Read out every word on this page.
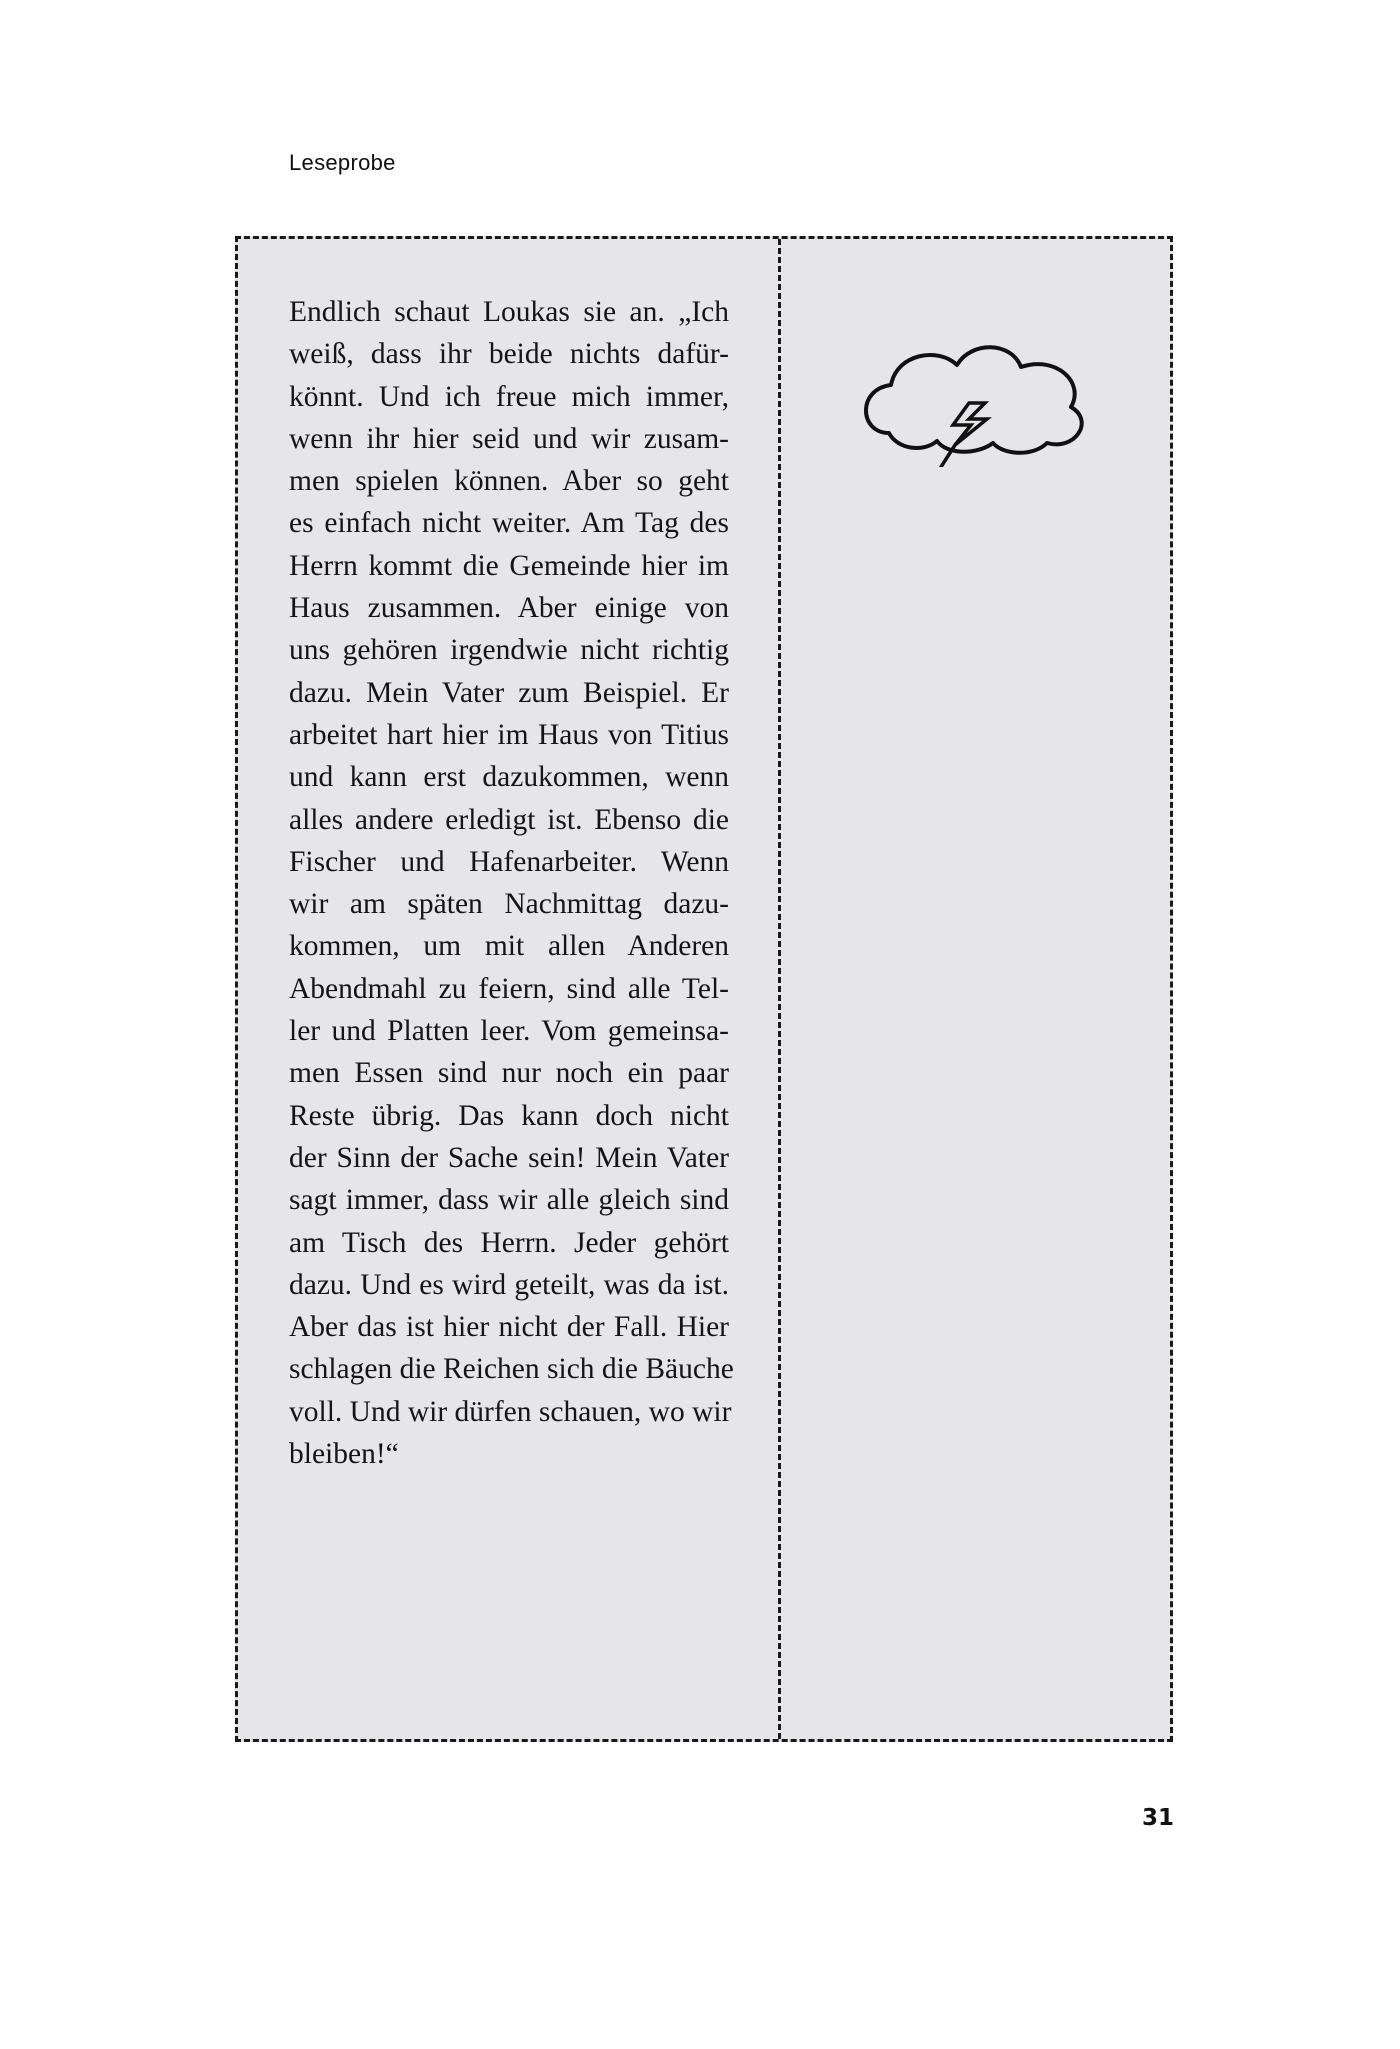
Leseprobe
Endlich schaut Loukas sie an. „Ich
weiß, dass ihr beide nichts dafür-
könnt. Und ich freue mich immer,
wenn ihr hier seid und wir zusam-
men spielen können. Aber so geht
es einfach nicht weiter. Am Tag des
Herrn kommt die Gemeinde hier im
Haus zusammen. Aber einige von
uns gehören irgendwie nicht richtig
dazu. Mein Vater zum Beispiel. Er
arbeitet hart hier im Haus von Titius
und kann erst dazukommen, wenn
alles andere erledigt ist. Ebenso die
Fischer und Hafenarbeiter. Wenn
wir am späten Nachmittag dazu-
kommen, um mit allen Anderen
Abendmahl zu feiern, sind alle Tel-
ler und Platten leer. Vom gemeinsa-
men Essen sind nur noch ein paar
Reste übrig. Das kann doch nicht
der Sinn der Sache sein! Mein Vater
sagt immer, dass wir alle gleich sind
am Tisch des Herrn. Jeder gehört
dazu. Und es wird geteilt, was da ist.
Aber das ist hier nicht der Fall. Hier
schlagen die Reichen sich die Bäuche
voll. Und wir dürfen schauen, wo wir
bleiben!“
31
